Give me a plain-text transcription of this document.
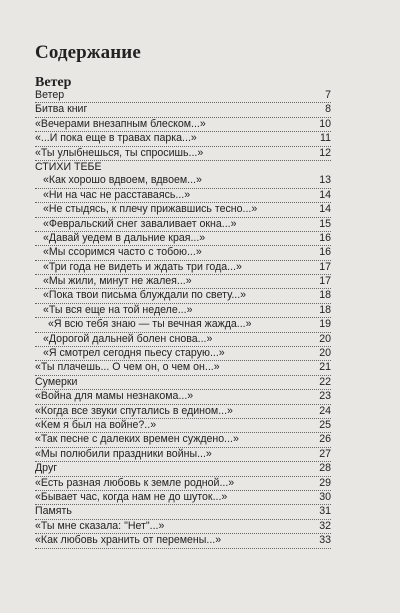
Содержание
Ветер
Ветер	7
Битва книг	8
«Вечерами внезапным блеском...»	10
«...И пока еще в травах парка...»	11
«Ты улыбнешься, ты спросишь...»	12
СТИХИ ТЕБЕ
«Как хорошо вдвоем, вдвоем...»	13
«Ни на час не расставаясь...»	14
«Не стыдясь, к плечу прижавшись тесно...»	14
«Февральский снег заваливает окна...»	15
«Давай уедем в дальние края...»	16
«Мы ссоримся часто с тобою...»	16
«Три года не видеть и ждать три года...»	17
«Мы жили, минут не жалея...»	17
«Пока твои письма блуждали по свету...»	18
«Ты вся еще на той неделе...»	18
«Я всю тебя знаю — ты вечная жажда...»	19
«Дорогой дальней болен снова...»	20
«Я смотрел сегодня пьесу старую...»	20
«Ты плачешь... О чем он, о чем он...»	21
Сумерки	22
«Война для мамы незнакома...»	23
«Когда все звуки спутались в едином...»	24
«Кем я был на войне?..»	25
«Так песне с далеких времен суждено...»	26
«Мы полюбили праздники войны...»	27
Друг	28
«Есть разная любовь к земле родной...»	29
«Бывает час, когда нам не до шуток...»	30
Память	31
«Ты мне сказала: "Нет"...»	32
«Как любовь хранить от перемены...»	33
